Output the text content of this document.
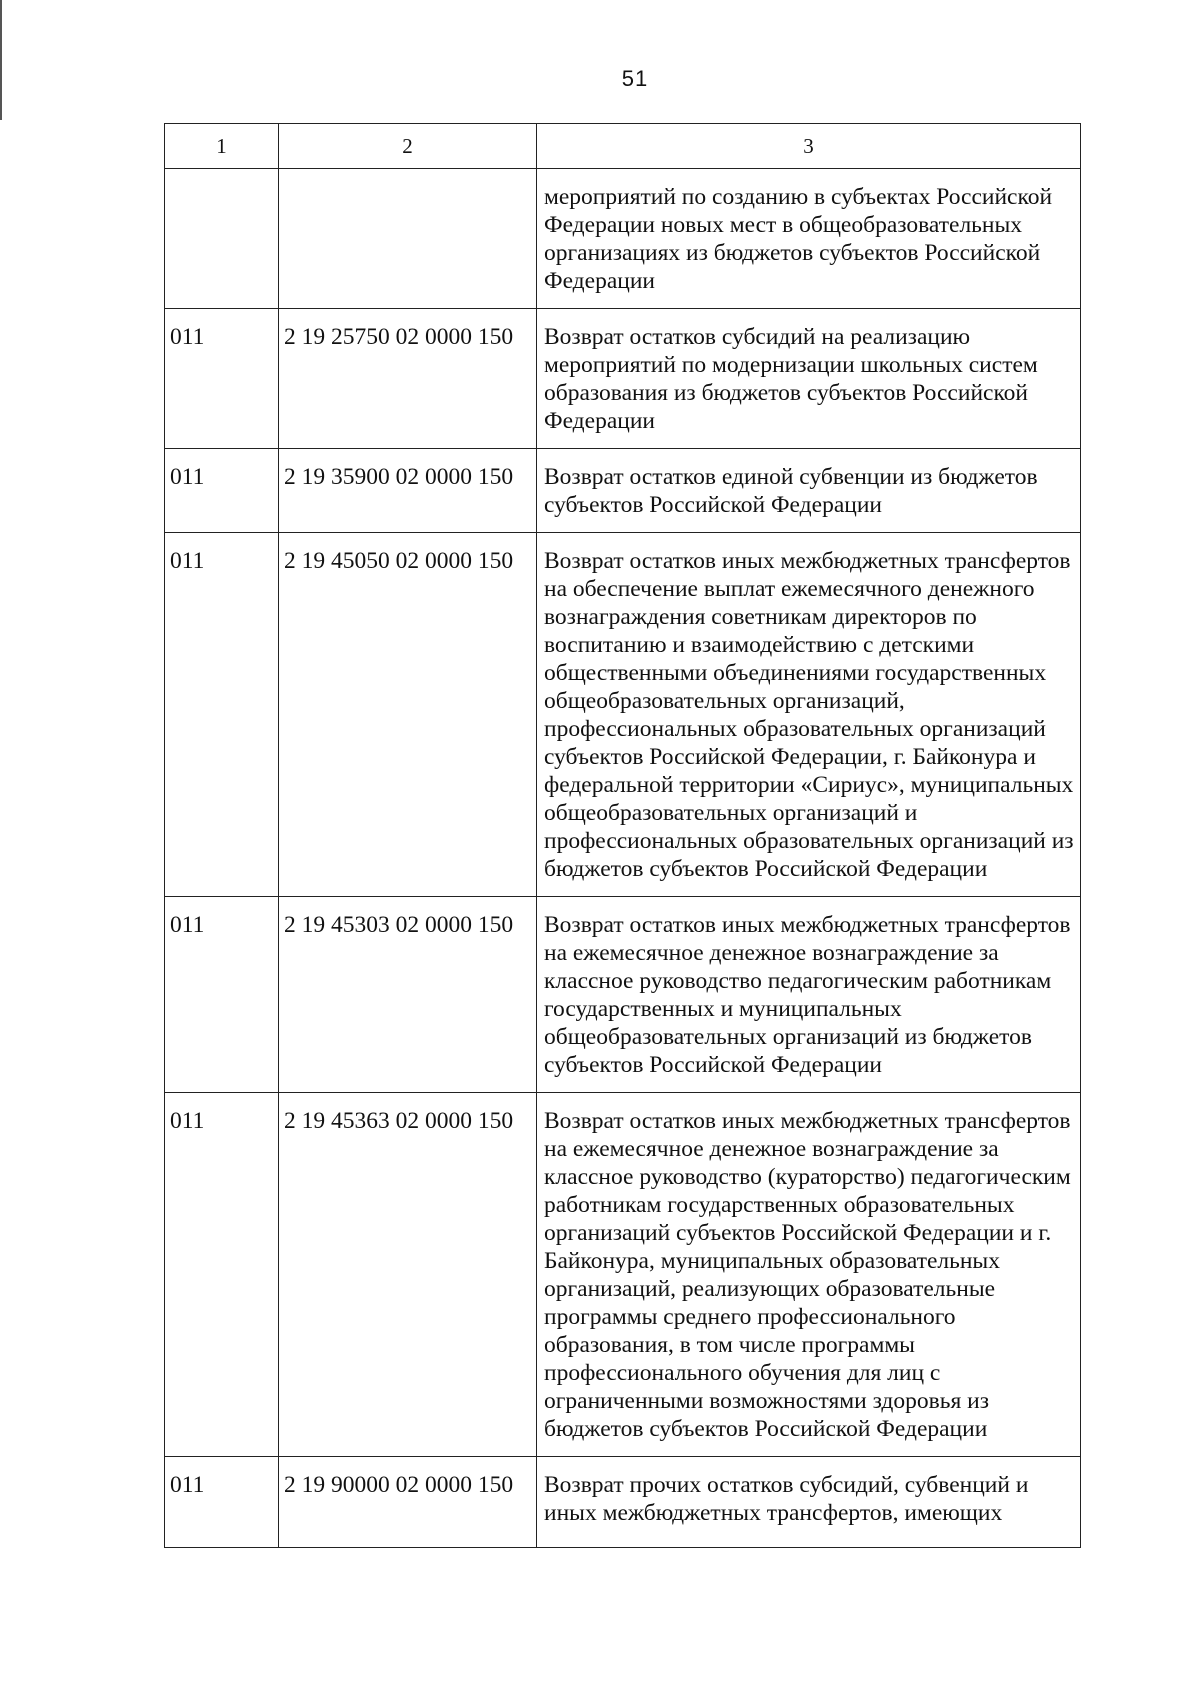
51
1	2	3
		мероприятий по созданию в субъектах Российской Федерации новых мест в общеобразовательных организациях из бюджетов субъектов Российской Федерации
011	2 19 25750 02 0000 150	Возврат остатков субсидий на реализацию мероприятий по модернизации школьных систем образования из бюджетов субъектов Российской Федерации
011	2 19 35900 02 0000 150	Возврат остатков единой субвенции из бюджетов субъектов Российской Федерации
011	2 19 45050 02 0000 150	Возврат остатков иных межбюджетных трансфертов на обеспечение выплат ежемесячного денежного вознаграждения советникам директоров по воспитанию и взаимодействию с детскими общественными объединениями государственных общеобразовательных организаций, профессиональных образовательных организаций субъектов Российской Федерации, г. Байконура и федеральной территории «Сириус», муниципальных общеобразовательных организаций и профессиональных образовательных организаций из бюджетов субъектов Российской Федерации
011	2 19 45303 02 0000 150	Возврат остатков иных межбюджетных трансфертов на ежемесячное денежное вознаграждение за классное руководство педагогическим работникам государственных и муниципальных общеобразовательных организаций из бюджетов субъектов Российской Федерации
011	2 19 45363 02 0000 150	Возврат остатков иных межбюджетных трансфертов на ежемесячное денежное вознаграждение за классное руководство (кураторство) педагогическим работникам государственных образовательных организаций субъектов Российской Федерации и г. Байконура, муниципальных образовательных организаций, реализующих образовательные программы среднего профессионального образования, в том числе программы профессионального обучения для лиц с ограниченными возможностями здоровья из бюджетов субъектов Российской Федерации
011	2 19 90000 02 0000 150	Возврат прочих остатков субсидий, субвенций и иных межбюджетных трансфертов, имеющих
